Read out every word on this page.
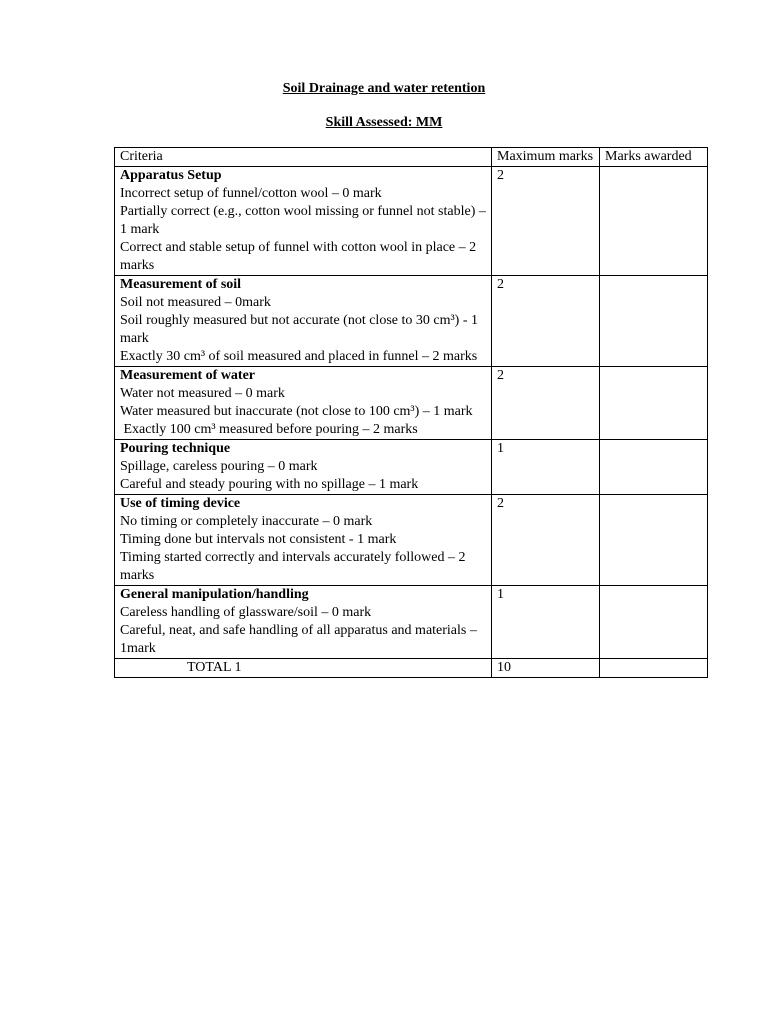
Soil Drainage and water retention
Skill Assessed: MM
Criteria	Maximum marks	Marks awarded

Apparatus Setup
Incorrect setup of funnel/cotton wool – 0 mark
Partially correct (e.g., cotton wool missing or funnel not stable) – 1 mark
Correct and stable setup of funnel with cotton wool in place – 2 marks	2	

Measurement of soil
Soil not measured – 0mark
Soil roughly measured but not accurate (not close to 30 cm³) - 1 mark
Exactly 30 cm³ of soil measured and placed in funnel – 2 marks	2	

Measurement of water
Water not measured – 0 mark
Water measured but inaccurate (not close to 100 cm³) – 1 mark
Exactly 100 cm³ measured before pouring – 2 marks	2	

Pouring technique
Spillage, careless pouring – 0 mark
Careful and steady pouring with no spillage – 1 mark	1	

Use of timing device
No timing or completely inaccurate – 0 mark
Timing done but intervals not consistent - 1 mark
Timing started correctly and intervals accurately followed – 2 marks	2	

General manipulation/handling
Careless handling of glassware/soil – 0 mark
Careful, neat, and safe handling of all apparatus and materials – 1mark	1	
TOTAL 1	10	
